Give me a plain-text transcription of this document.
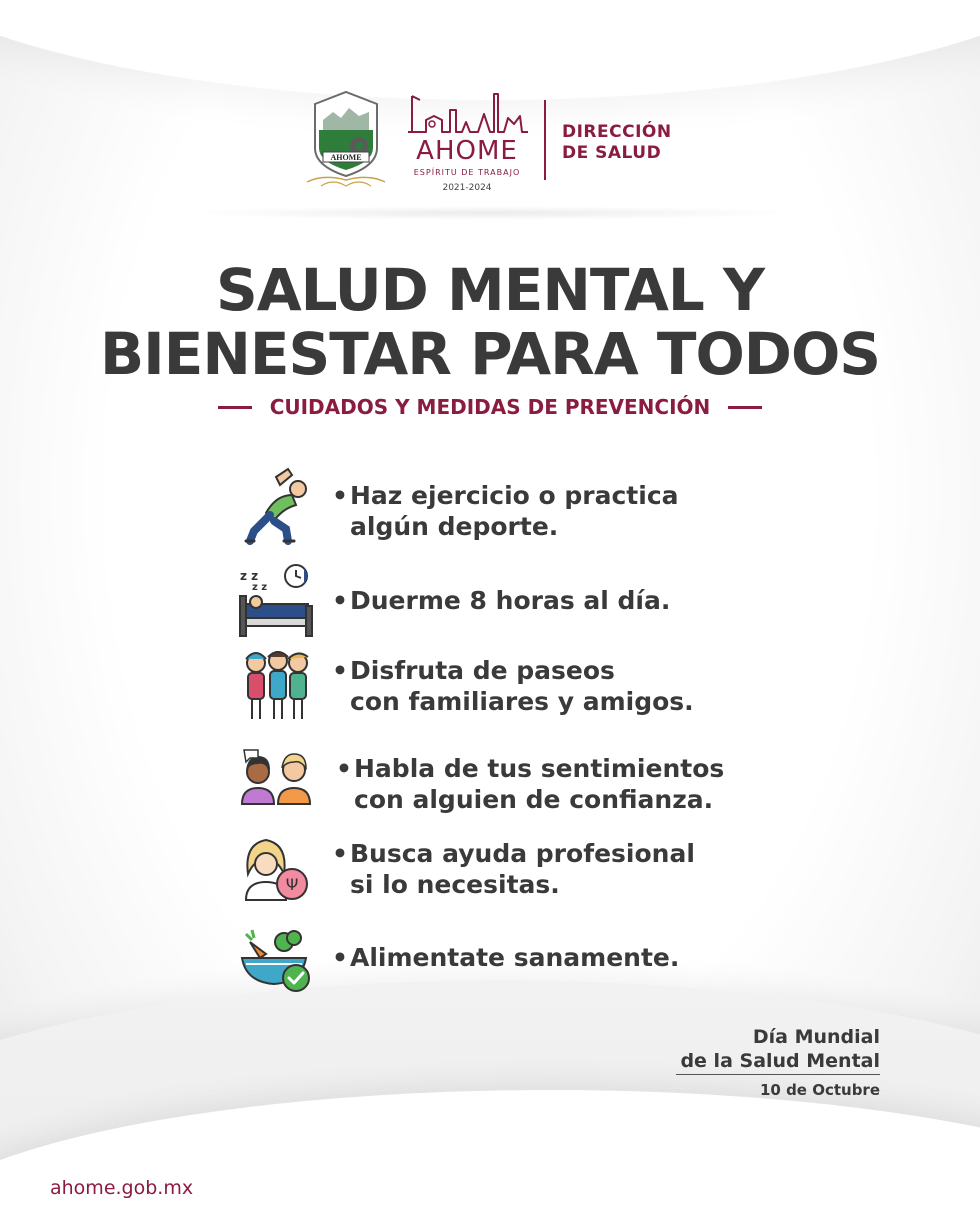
AHOME	AHOME
ESPÍRITU DE TRABAJO
2021-2024
DIRECCIÓN
DE SALUD
SALUD MENTAL Y
BIENESTAR PARA TODOS
CUIDADOS Y MEDIDAS DE PREVENCIÓN
•Haz ejercicio o practica
algún deporte.
z z
z z	•Duerme 8 horas al día.
•Disfruta de paseos
con familiares y amigos.
•Habla de tus sentimientos
con alguien de confianza.
Ψ
•Busca ayuda profesional
si lo necesitas.
•Alimentate sanamente.
Día Mundial
de la Salud Mental
10 de Octubre
ahome.gob.mx
